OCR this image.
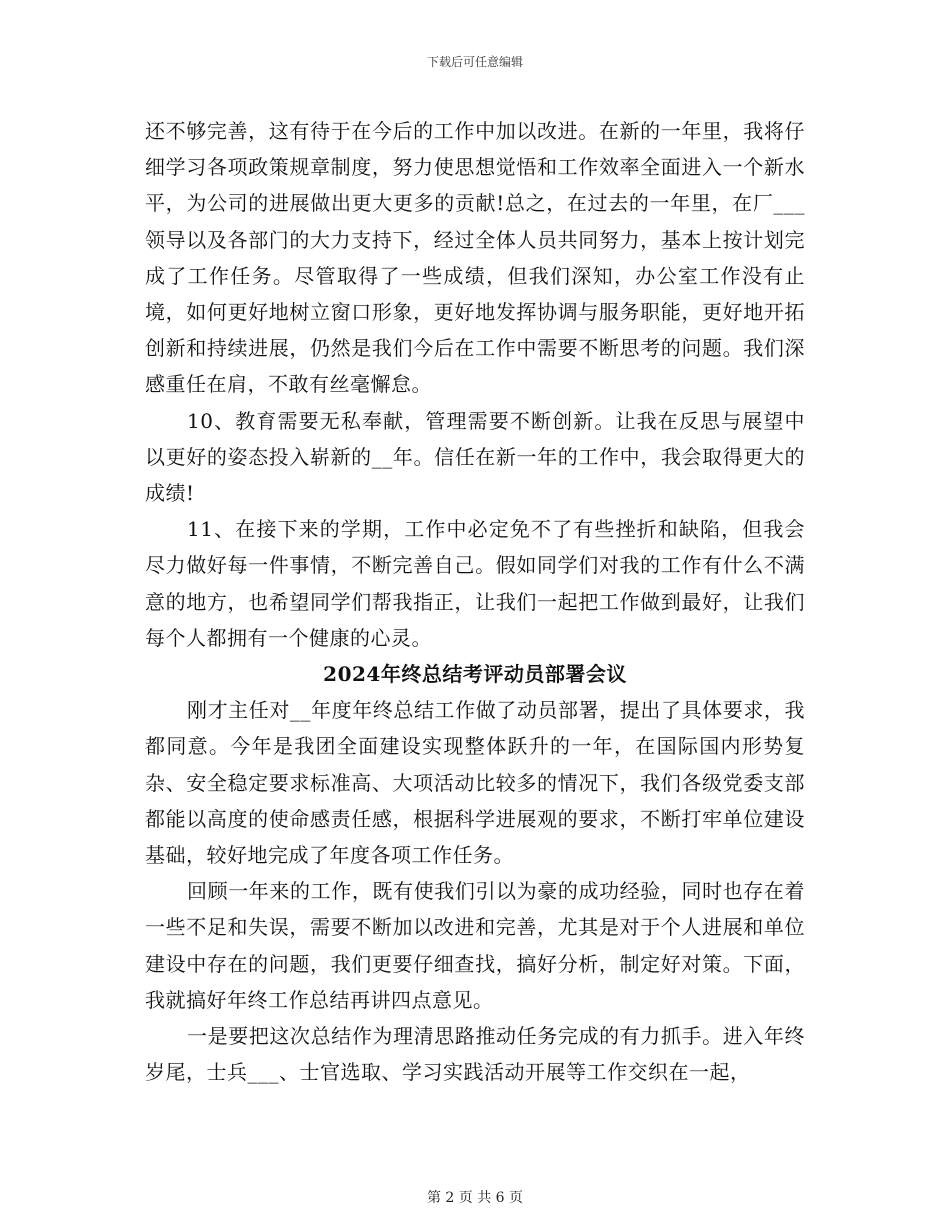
下载后可任意编辑

还不够完善，这有待于在今后的工作中加以改进。在新的一年里，我将仔细学习各项政策规章制度，努力使思想觉悟和工作效率全面进入一个新水平，为公司的进展做出更大更多的贡献!总之，在过去的一年里，在厂___领导以及各部门的大力支持下，经过全体人员共同努力，基本上按计划完成了工作任务。尽管取得了一些成绩，但我们深知，办公室工作没有止境，如何更好地树立窗口形象，更好地发挥协调与服务职能，更好地开拓创新和持续进展，仍然是我们今后在工作中需要不断思考的问题。我们深感重任在肩，不敢有丝毫懈怠。

10、教育需要无私奉献，管理需要不断创新。让我在反思与展望中以更好的姿态投入崭新的__年。信任在新一年的工作中，我会取得更大的成绩!

11、在接下来的学期，工作中必定免不了有些挫折和缺陷，但我会尽力做好每一件事情，不断完善自己。假如同学们对我的工作有什么不满意的地方，也希望同学们帮我指正，让我们一起把工作做到最好，让我们每个人都拥有一个健康的心灵。

2024年终总结考评动员部署会议

刚才主任对__年度年终总结工作做了动员部署，提出了具体要求，我都同意。今年是我团全面建设实现整体跃升的一年，在国际国内形势复杂、安全稳定要求标准高、大项活动比较多的情况下，我们各级党委支部都能以高度的使命感责任感，根据科学进展观的要求，不断打牢单位建设基础，较好地完成了年度各项工作任务。

回顾一年来的工作，既有使我们引以为豪的成功经验，同时也存在着一些不足和失误，需要不断加以改进和完善，尤其是对于个人进展和单位建设中存在的问题，我们更要仔细查找，搞好分析，制定好对策。下面，我就搞好年终工作总结再讲四点意见。

一是要把这次总结作为理清思路推动任务完成的有力抓手。进入年终岁尾，士兵___、士官选取、学习实践活动开展等工作交织在一起，

第 2 页 共 6 页
